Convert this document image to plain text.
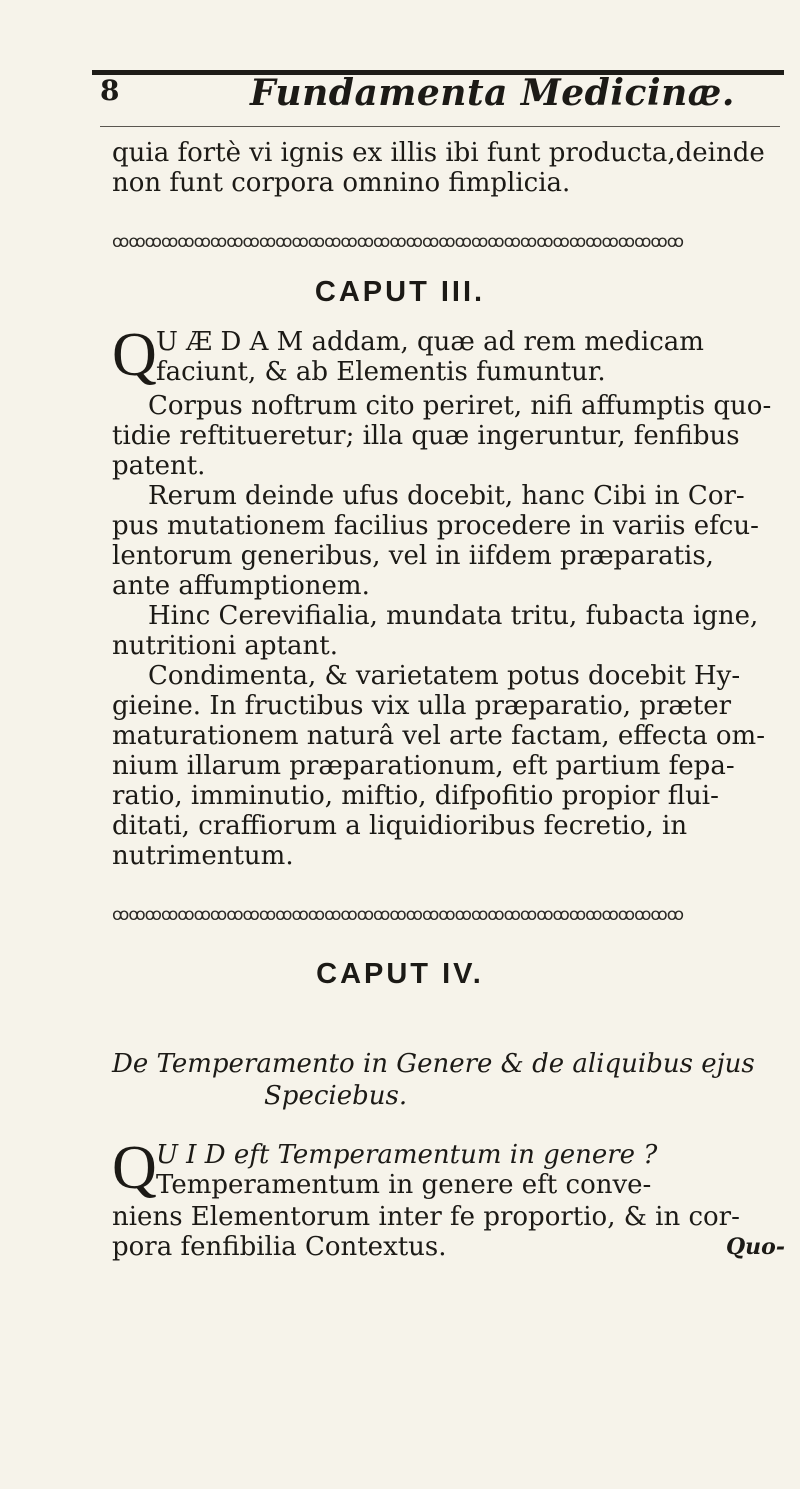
8	Fundamenta Medicinæ.
quia fortè vi ignis ex illis ibi funt producta,deinde
non funt corpora omnino fimplicia.
ꝏꝏꝏꝏꝏꝏꝏꝏꝏꝏꝏꝏꝏꝏꝏꝏꝏꝏꝏꝏꝏꝏꝏꝏꝏꝏꝏꝏꝏꝏꝏꝏꝏꝏꝏ
CAPUT III.
Q U Æ D A M addam, quæ ad rem medicam
faciunt, & ab Elementis fumuntur.
Corpus noftrum cito periret, nifi affumptis quo-
tidie reftitueretur; illa quæ ingeruntur, fenfibus
patent.
Rerum deinde ufus docebit, hanc Cibi in Cor-
pus mutationem facilius procedere in variis efcu-
lentorum generibus, vel in iifdem præparatis,
ante affumptionem.
Hinc Cerevifialia, mundata tritu, fubacta igne,
nutritioni aptant.
Condimenta, & varietatem potus docebit Hy-
gieine. In fructibus vix ulla præparatio, præter
maturationem naturâ vel arte factam, effecta om-
nium illarum præparationum, eft partium fepa-
ratio, imminutio, miftio, difpofitio propior flui-
ditati, craffiorum a liquidioribus fecretio, in
nutrimentum.
ꝏꝏꝏꝏꝏꝏꝏꝏꝏꝏꝏꝏꝏꝏꝏꝏꝏꝏꝏꝏꝏꝏꝏꝏꝏꝏꝏꝏꝏꝏꝏꝏꝏꝏꝏ
CAPUT IV.
De Temperamento in Genere & de aliquibus ejus
Speciebus.
Q U I D eft Temperamentum in genere ?
Temperamentum in genere eft conve-
niens Elementorum inter fe proportio, & in cor-
pora fenfibilia Contextus.	Quo-
